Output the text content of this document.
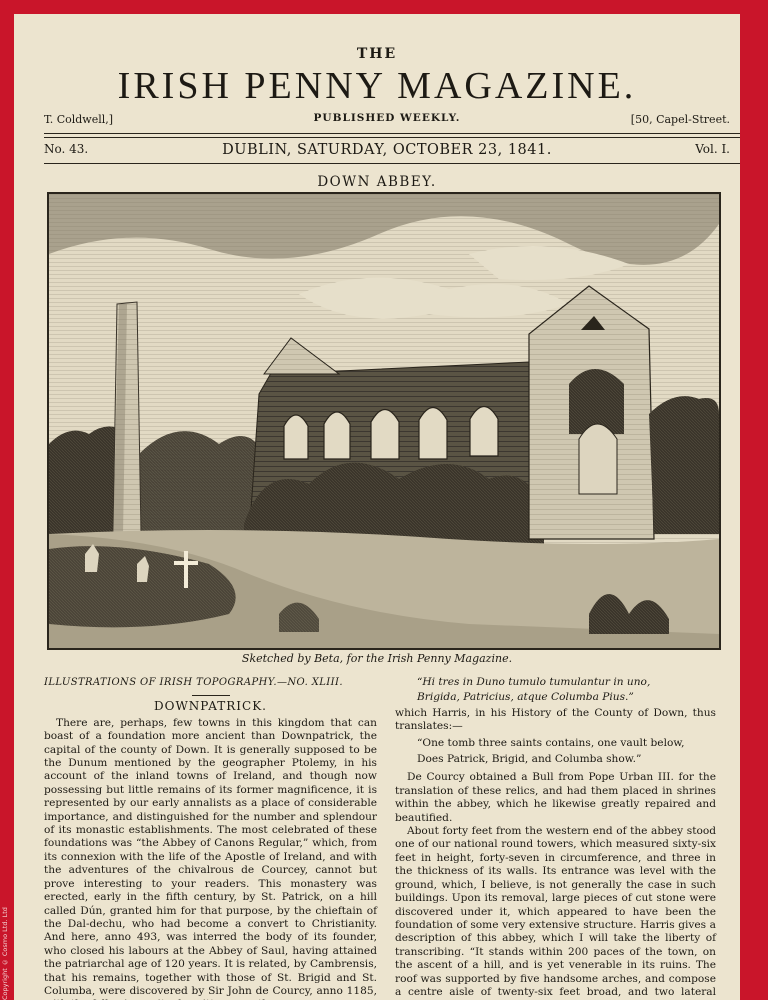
THE
IRISH PENNY MAGAZINE.
T. Coldwell,]	PUBLISHED WEEKLY.	[50, Capel-Street.
No. 43.	DUBLIN, SATURDAY, OCTOBER 23, 1841.	Vol. I.
DOWN ABBEY.
Sketched by Beta, for the Irish Penny Magazine.
ILLUSTRATIONS OF IRISH TOPOGRAPHY.—NO. XLIII.
DOWNPATRICK.

There are, perhaps, few towns in this kingdom that can boast of a foundation more ancient than Downpatrick, the capital of the county of Down. It is generally supposed to be the Dunum mentioned by the geographer Ptolemy, in his account of the inland towns of Ireland, and though now possessing but little remains of its former magnificence, it is represented by our early annalists as a place of considerable importance, and distinguished for the number and splendour of its monastic establishments. The most celebrated of these foundations was “the Abbey of Canons Regular,” which, from its connexion with the life of the Apostle of Ireland, and with the adventures of the chivalrous de Courcey, cannot but prove interesting to your readers. This monastery was erected, early in the fifth century, by St. Patrick, on a hill called Dún, granted him for that purpose, by the chieftain of the Dal-dechu, who had become a convert to Christianity. And here, anno 493, was interred the body of its founder, who closed his labours at the Abbey of Saul, having attained the patriarchal age of 120 years. It is related, by Cambrensis, that his remains, together with those of St. Brigid and St. Columba, were discovered by Sir John de Courcy, anno 1185,

“Hi tres in Duno tumulo tumulantur in uno,
Brigida, Patricius, atque Columba Pius.”

which Harris, in his History of the County of Down, thus translates:—

“One tomb three saints contains, one vault below,
Does Patrick, Brigid, and Columba show.”

De Courcy obtained a Bull from Pope Urban III. for the translation of these relics, and had them placed in shrines within the abbey, which he likewise greatly repaired and beautified.

About forty feet from the western end of the abbey stood one of our national round towers, which measured sixty-six feet in height, forty-seven in circumference, and three in the thickness of its walls. Its entrance was level with the ground, which, I believe, is not generally the case in such buildings. Upon its removal, large pieces of cut stone were discovered under it, which appeared to have been the foundation of some very extensive structure. Harris gives a description of this abbey, which I will take the liberty of transcribing. “It stands within 200 paces of the town, on the ascent of a hill, and is yet venerable in its ruins. The roof was supported by five handsome arches, and compose a centre aisle of twenty-six feet broad, and two lateral

Copyright © Cosmo Ltd. Ltd
